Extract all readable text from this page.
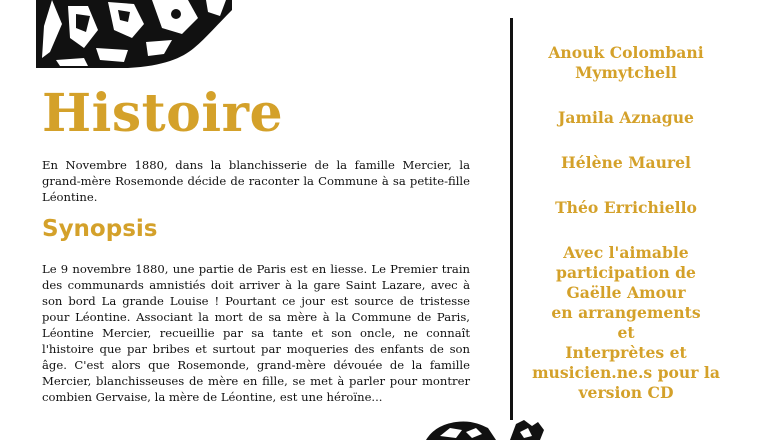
Histoire
En Novembre 1880, dans la blanchisserie de la famille Mercier, la grand-mère Rosemonde décide de raconter la Commune à sa petite-fille Léontine.
Synopsis
Le 9 novembre 1880, une partie de Paris est en liesse. Le Premier train des communards amnistiés doit arriver à la gare Saint Lazare, avec à son bord La grande Louise ! Pourtant ce jour est source de tristesse pour Léontine. Associant la mort de sa mère à la Commune de Paris, Léontine Mercier, recueillie par sa tante et son oncle, ne connaît l'histoire que par bribes et surtout par moqueries des enfants de son âge. C'est alors que Rosemonde, grand-mère dévouée de la famille Mercier, blanchisseuses de mère en fille, se met à parler pour montrer combien Gervaise, la mère de Léontine, est une héroïne...

Anouk Colombani

Mymytchell

Jamila Aznague

Hélène Maurel

Théo Errichiello

Avec l'aimable
participation de
Gaëlle Amour
en arrangements
et
Interprètes et
musicien.ne.s pour la
version CD
